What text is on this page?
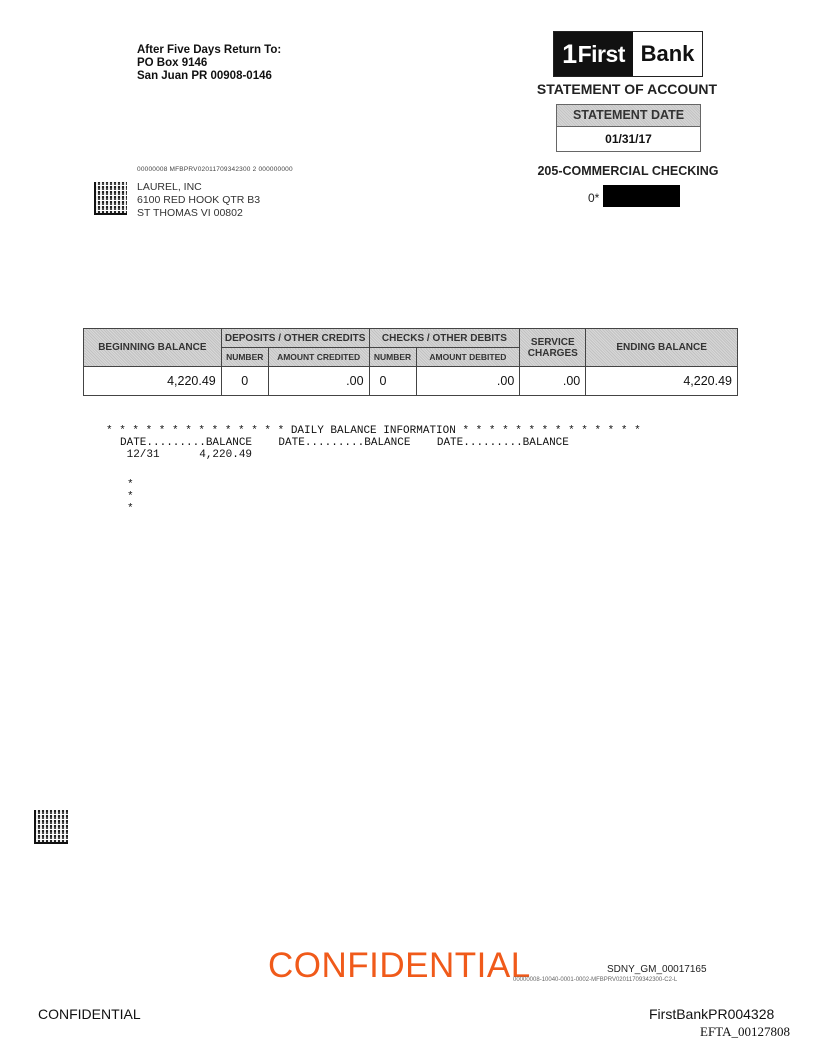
After Five Days Return To:
PO Box 9146
San Juan PR 00908-0146
1 First Bank
STATEMENT OF ACCOUNT
STATEMENT DATE
01/31/17
205-COMMERCIAL CHECKING
0*
00000008 MFBPRV02011709342300 2 000000000
LAUREL, INC
6100 RED HOOK QTR B3
ST THOMAS VI 00802
BEGINNING BALANCE	DEPOSITS / OTHER CREDITS		CHECKS / OTHER DEBITS		SERVICE CHARGES	ENDING BALANCE
	NUMBER	AMOUNT CREDITED	NUMBER	AMOUNT DEBITED		
4,220.49	0	.00	0	.00	.00	4,220.49
* * * * * * * * * * * * * * DAILY BALANCE INFORMATION * * * * * * * * * * * * * *
DATE.........BALANCE    DATE.........BALANCE    DATE.........BALANCE
12/31      4,220.49
*
*
*
CONFIDENTIAL	SDNY_GM_00017165
00000008-10040-0001-0002-MFBPRV02011709342300-C2-L
CONFIDENTIAL	FirstBankPR004328
EFTA_00127808
